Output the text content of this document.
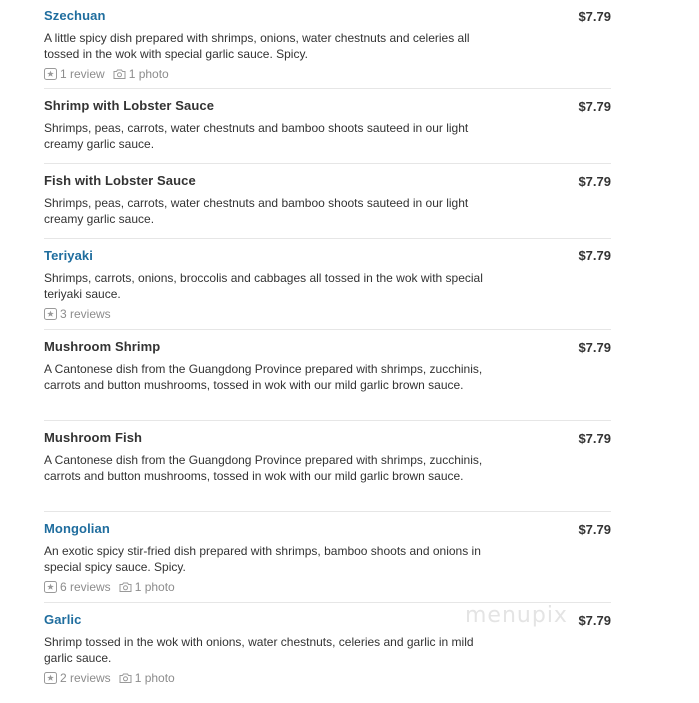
Szechuan	$7.79
A little spicy dish prepared with shrimps, onions, water chestnuts and celeries all tossed in the wok with special garlic sauce. Spicy.
1 review 1 photo
Shrimp with Lobster Sauce	$7.79
Shrimps, peas, carrots, water chestnuts and bamboo shoots sauteed in our light creamy garlic sauce.
Fish with Lobster Sauce	$7.79
Shrimps, peas, carrots, water chestnuts and bamboo shoots sauteed in our light creamy garlic sauce.
Teriyaki	$7.79
Shrimps, carrots, onions, broccolis and cabbages all tossed in the wok with special teriyaki sauce.
3 reviews
Mushroom Shrimp	$7.79
A Cantonese dish from the Guangdong Province prepared with shrimps, zucchinis, carrots and button mushrooms, tossed in wok with our mild garlic brown sauce.
Mushroom Fish	$7.79
A Cantonese dish from the Guangdong Province prepared with shrimps, zucchinis, carrots and button mushrooms, tossed in wok with our mild garlic brown sauce.
Mongolian	$7.79
An exotic spicy stir-fried dish prepared with shrimps, bamboo shoots and onions in special spicy sauce. Spicy.
6 reviews 1 photo
Garlic	$7.79
Shrimp tossed in the wok with onions, water chestnuts, celeries and garlic in mild garlic sauce.
2 reviews 1 photo
menupix
